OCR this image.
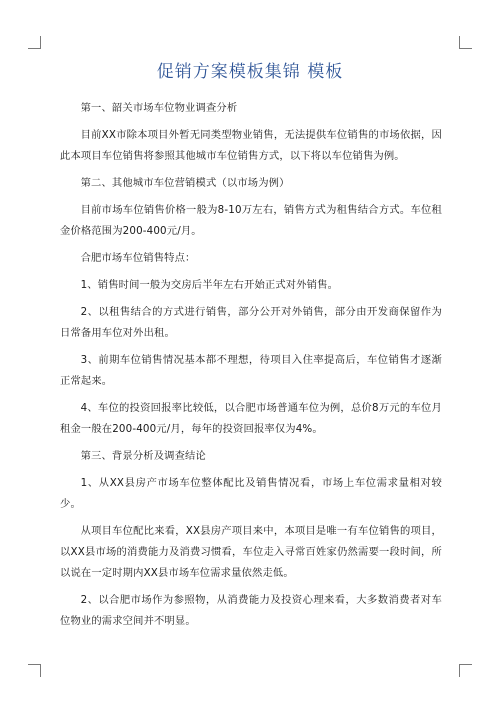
促销方案模板集锦 模板

第一、韶关市场车位物业调查分析

目前XX市除本项目外暂无同类型物业销售，无法提供车位销售的市场依据，因此本项目车位销售将参照其他城市车位销售方式，以下将以车位销售为例。

第二、其他城市车位营销模式（以市场为例）

目前市场车位销售价格一般为8-10万左右，销售方式为租售结合方式。车位租金价格范围为200-400元/月。

合肥市场车位销售特点：

1、销售时间一般为交房后半年左右开始正式对外销售。

2、以租售结合的方式进行销售，部分公开对外销售，部分由开发商保留作为日常备用车位对外出租。

3、前期车位销售情况基本都不理想，待项目入住率提高后，车位销售才逐渐正常起来。

4、车位的投资回报率比较低，以合肥市场普通车位为例，总价8万元的车位月租金一般在200-400元/月，每年的投资回报率仅为4%。

第三、背景分析及调查结论

1、从XX县房产市场车位整体配比及销售情况看，市场上车位需求量相对较少。

从项目车位配比来看，XX县房产项目来中，本项目是唯一有车位销售的项目，以XX县市场的消费能力及消费习惯看，车位走入寻常百姓家仍然需要一段时间，所以说在一定时期内XX县市场车位需求量依然走低。

2、以合肥市场作为参照物，从消费能力及投资心理来看，大多数消费者对车位物业的需求空间并不明显。
